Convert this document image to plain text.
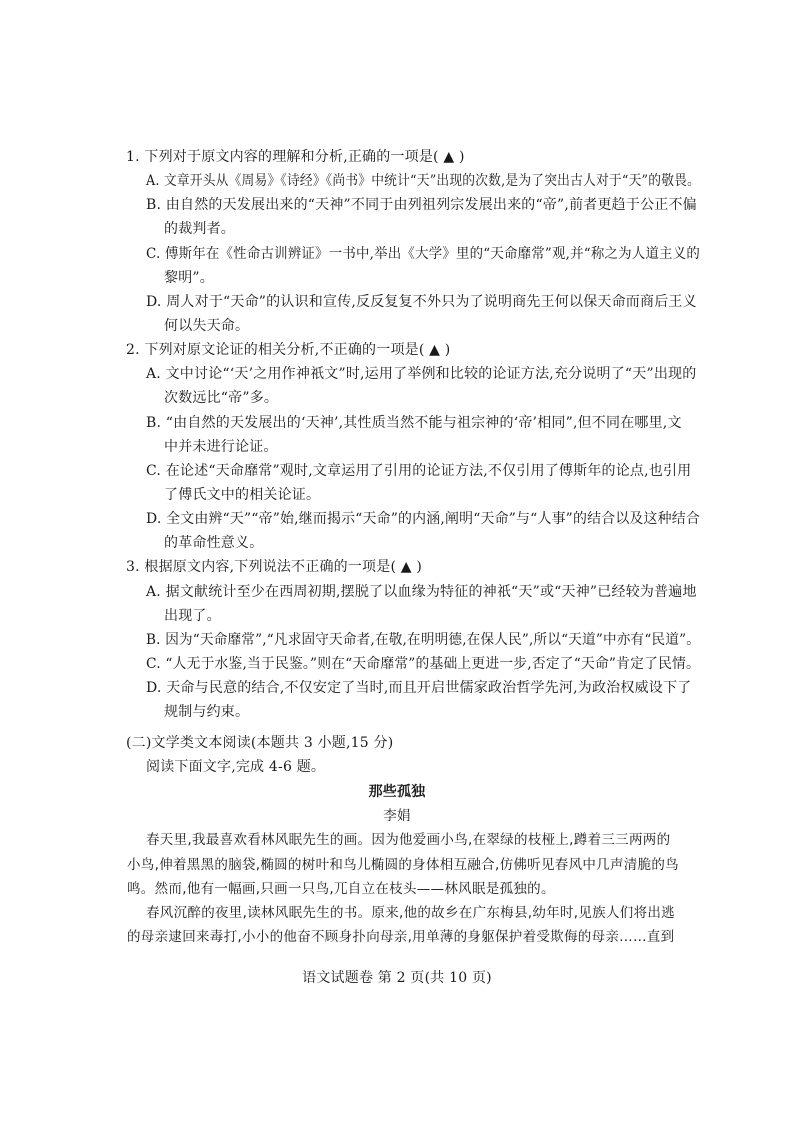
1. 下列对于原文内容的理解和分析,正确的一项是( ▲ )
A. 文章开头从《周易》《诗经》《尚书》中统计“天”出现的次数,是为了突出古人对于“天”的敬畏。
B. 由自然的天发展出来的“天神”不同于由列祖列宗发展出来的“帝”,前者更趋于公正不偏
的裁判者。
C. 傅斯年在《性命古训辨证》一书中,举出《大学》里的“天命靡常”观,并“称之为人道主义的
黎明”。
D. 周人对于“天命”的认识和宣传,反反复复不外只为了说明商先王何以保天命而商后王义
何以失天命。
2. 下列对原文论证的相关分析,不正确的一项是( ▲ )
A. 文中讨论“‘天’之用作神祇文”时,运用了举例和比较的论证方法,充分说明了“天”出现的
次数远比“帝”多。
B. “由自然的天发展出的‘天神’,其性质当然不能与祖宗神的‘帝’相同”,但不同在哪里,文
中并未进行论证。
C. 在论述“天命靡常”观时,文章运用了引用的论证方法,不仅引用了傅斯年的论点,也引用
了傅氏文中的相关论证。
D. 全文由辨“天”“帝”始,继而揭示“天命”的内涵,阐明“天命”与“人事”的结合以及这种结合
的革命性意义。
3. 根据原文内容,下列说法不正确的一项是( ▲ )
A. 据文献统计至少在西周初期,摆脱了以血缘为特征的神祇“天”或“天神”已经较为普遍地
出现了。
B. 因为“天命靡常”,“凡求固守天命者,在敬,在明明德,在保人民”,所以“天道”中亦有“民道”。
C. “人无于水鉴,当于民鉴。”则在“天命靡常”的基础上更进一步,否定了“天命”肯定了民情。
D. 天命与民意的结合,不仅安定了当时,而且开启世儒家政治哲学先河,为政治权威设下了
规制与约束。
(二)文学类文本阅读(本题共 3 小题,15 分)
阅读下面文字,完成 4-6 题。
那些孤独
李娟
春天里,我最喜欢看林风眠先生的画。因为他爱画小鸟,在翠绿的枝桠上,蹲着三三两两的
小鸟,伸着黑黑的脑袋,椭圆的树叶和鸟儿椭圆的身体相互融合,仿佛听见春风中几声清脆的鸟
鸣。然而,他有一幅画,只画一只鸟,兀自立在枝头——林风眠是孤独的。
春风沉醉的夜里,读林风眠先生的书。原来,他的故乡在广东梅县,幼年时,见族人们将出逃
的母亲逮回来毒打,小小的他奋不顾身扑向母亲,用单薄的身躯保护着受欺侮的母亲……直到
语文试题卷 第 2 页(共 10 页)
